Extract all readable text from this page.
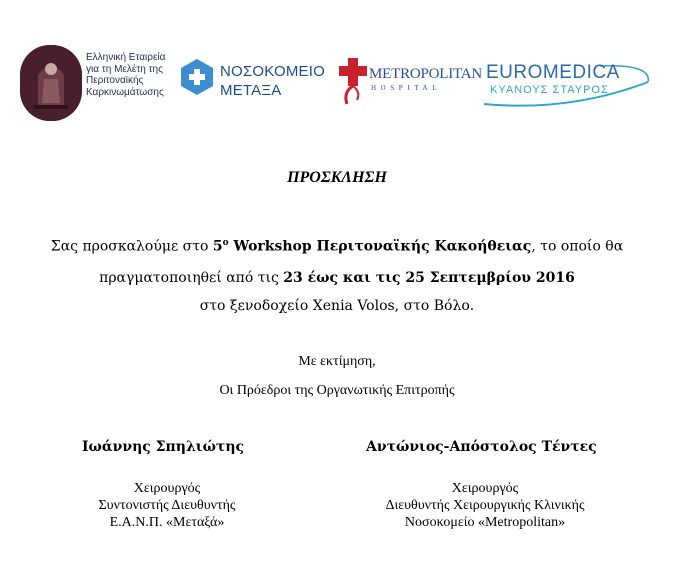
Ελληνική Εταιρεία
για τη Μελέτη της
Περιτοναϊκής
Καρκινωμάτωσης
ΝΟΣΟΚΟΜΕΙΟ
ΜΕΤΑΞΑ
METROPOLITAN
HOSPITAL
EUROMEDICA
ΚΥΑΝΟΥΣ ΣΤΑΥΡΟΣ
ΠΡΟΣΚΛΗΣΗ
Σας προσκαλούμε στο $5^o$ Workshop Περιτοναϊκής Κακοήθειας, το οποίο θα
πραγματοποιηθεί από τις 23 έως και τις 25 Σεπτεμβρίου 2016
στο ξενοδοχείο Xenia Volos, στο Βόλο.
Με εκτίμηση,
Οι Πρόεδροι της Οργανωτικής Επιτροπής
Ιωάννης Σπηλιώτης	Αντώνιος-Απόστολος Τέντες
Χειρουργός
Συντονιστής Διευθυντής
Ε.Α.Ν.Π. «Μεταξά»
Χειρουργός
Διευθυντής Χειρουργικής Κλινικής
Νοσοκομείο «Metropolitan»
